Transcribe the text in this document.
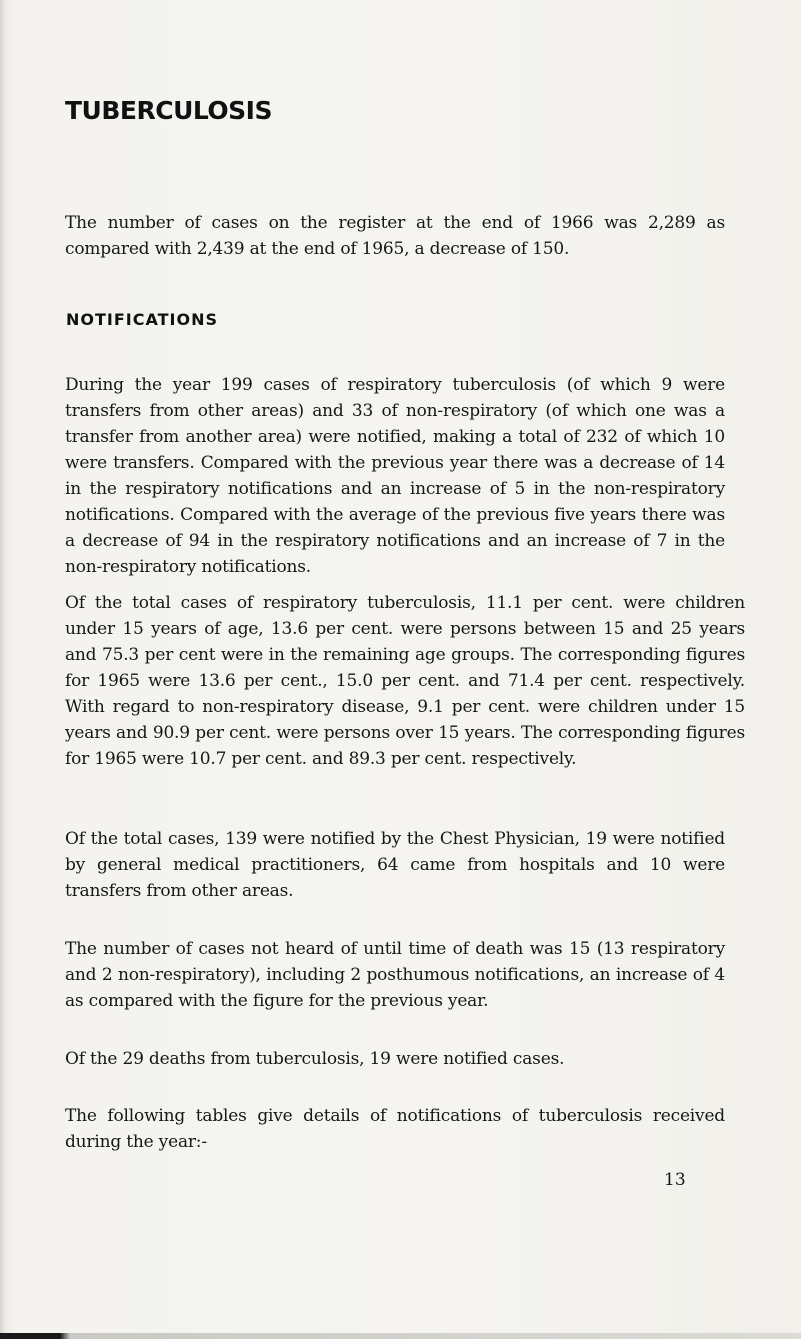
TUBERCULOSIS

The number of cases on the register at the end of 1966 was 2,289 as compared with 2,439 at the end of 1965, a decrease of 150.

NOTIFICATIONS

During the year 199 cases of respiratory tuberculosis (of which 9 were transfers from other areas) and 33 of non-respiratory (of which one was a transfer from another area) were notified, making a total of 232 of which 10 were transfers. Compared with the previous year there was a decrease of 14 in the respiratory notifications and an increase of 5 in the non-respiratory notifications. Compared with the average of the previous five years there was a decrease of 94 in the respiratory notifications and an increase of 7 in the non-respiratory notifications.

Of the total cases of respiratory tuberculosis, 11.1 per cent. were children under 15 years of age, 13.6 per cent. were persons between 15 and 25 years and 75.3 per cent were in the remaining age groups. The corresponding figures for 1965 were 13.6 per cent., 15.0 per cent. and 71.4 per cent. respectively. With regard to non-respiratory disease, 9.1 per cent. were children under 15 years and 90.9 per cent. were persons over 15 years. The corresponding figures for 1965 were 10.7 per cent. and 89.3 per cent. respectively.

Of the total cases, 139 were notified by the Chest Physician, 19 were notified by general medical practitioners, 64 came from hospitals and 10 were transfers from other areas.

The number of cases not heard of until time of death was 15 (13 respiratory and 2 non-respiratory), including 2 posthumous notifications, an increase of 4 as compared with the figure for the previous year.

Of the 29 deaths from tuberculosis, 19 were notified cases.

The following tables give details of notifications of tuberculosis received during the year:-

13
